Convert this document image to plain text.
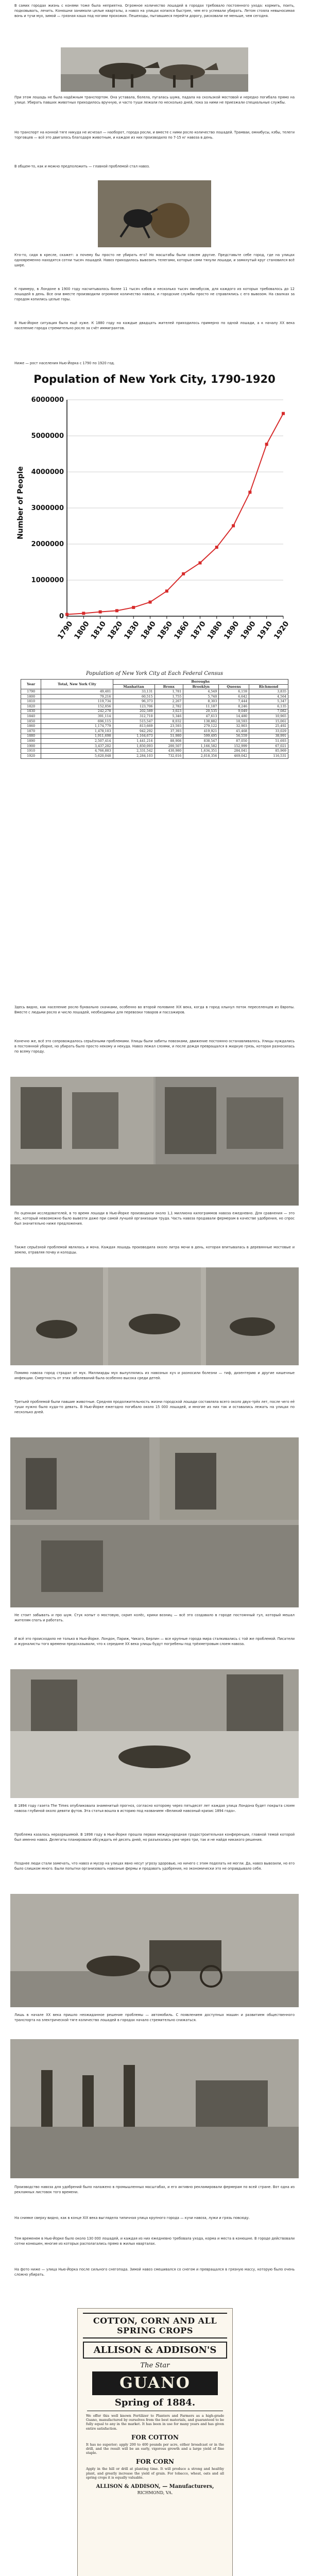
В самих городах жизнь с конями тоже была неприятна. Огромное количество лошадей в городах требовало постоянного ухода: кормить, поить, подковывать, лечить. Конюшни занимали целые кварталы, а навоз на улицах копился быстрее, чем его успевали убирать. Летом стояла невыносимая вонь и тучи мух, зимой — грязная каша под ногами прохожих. Пешеходы, пытавшиеся перейти дорогу, рисковали не меньше, чем сегодня.
При этом лошадь не была надёжным транспортом. Она уставала, болела, пугалась шума, падала на скользкой мостовой и нередко погибала прямо на улице. Убирать павших животных приходилось вручную, и часто туши лежали по несколько дней, пока за ними не приезжали специальные службы.
Но транспорт на конной тяге никуда не исчезал — наоборот, города росли, и вместе с ними росло количество лошадей. Трамваи, омнибусы, кэбы, телеги торговцев — всё это двигалось благодаря животным, и каждое из них производило по 7-15 кг навоза в день.
В общем-то, как и можно предположить — главной проблемой стал навоз.
Кто-то, сидя в кресле, скажет: а почему бы просто не убирать его? Но масштабы были совсем другие. Представьте себе город, где на улицах одновременно находятся сотни тысяч лошадей. Навоз приходилось вывозить телегами, которые сами тянули лошади, и замкнутый круг становился всё шире.
К примеру, в Лондоне в 1900 году насчитывалось более 11 тысяч кэбов и несколько тысяч омнибусов, для каждого из которых требовалось до 12 лошадей в день. Все они вместе производили огромное количество навоза, и городские службы просто не справлялись с его вывозом. На свалках за городом копились целые горы.
В Нью-Йорке ситуация была ещё хуже. К 1880 году на каждые двадцать жителей приходилось примерно по одной лошади, а к началу XX века население города стремительно росло за счёт иммигрантов.
Ниже — рост населения Нью-Йорка с 1790 по 1920 год.
Population of New York City, 1790-1920
Number of People
0
1000000
2000000
3000000
4000000
5000000
6000000
1790
1800
1810
1820
1830
1840
1850
1860
1870
1880
1890
1900
1910
1920
Population of New York City at Each Federal Census
Year	Total, New York City	Boroughs				
		Manhattan	Bronx	Brooklyn	Queens	Richmond
1790	49,401	33,131	1,781	4,549	6,159	3,835
1800	79,216	60,515	1,755	5,740	6,642	4,564
1810	119,734	96,373	2,267	8,303	7,444	5,347
1820	152,056	123,706	2,782	11,187	8,246	6,135
1830	242,278	202,589	3,023	20,535	9,049	7,082
1840	391,114	312,710	5,346	47,613	14,480	10,965
1850	696,115	515,547	8,032	138,882	18,593	15,061
1860	1,174,779	813,669	23,593	279,122	32,903	25,492
1870	1,478,103	942,292	37,393	419,921	45,468	33,029
1880	1,911,698	1,164,673	51,980	599,495	56,559	38,991
1890	2,507,414	1,441,216	88,908	838,547	87,050	51,693
1900	3,437,202	1,850,093	200,507	1,166,582	152,999	67,021
1910	4,766,883	2,331,542	430,980	1,634,351	284,041	85,969
1920	5,620,048	2,284,103	732,016	2,018,356	469,042	116,531
Здесь видно, как население росло буквально скачками, особенно во второй половине XIX века, когда в город хлынул поток переселенцев из Европы. Вместе с людьми росло и число лошадей, необходимых для перевозки товаров и пассажиров.
Конечно же, всё это сопровождалось серьёзными проблемами. Улицы были забиты повозками, движение постоянно останавливалось. Улицы нуждались в постоянной уборке, но убирать было просто некому и некуда. Навоз лежал слоями, и после дождя превращался в жидкую грязь, которая разносилась по всему городу.
По оценкам исследователей, в то время лошади в Нью-Йорке производили около 1,1 миллиона килограммов навоза ежедневно. Для сравнения — это вес, который невозможно было вывезти даже при самой лучшей организации труда. Часть навоза продавали фермерам в качестве удобрения, но спрос был значительно ниже предложения.
Также серьёзной проблемой являлась и моча. Каждая лошадь производила около литра мочи в день, которая впитывалась в деревянные мостовые и землю, отравляя почву и колодцы.
Помимо навоза город страдал от мух. Миллиарды мух вылуплялись из навозных куч и разносили болезни — тиф, дизентерию и другие кишечные инфекции. Смертность от этих заболеваний была особенно высока среди детей.
Третьей проблемой были павшие животные. Средняя продолжительность жизни городской лошади составляла всего около двух-трёх лет, после чего её туши нужно было куда-то девать. В Нью-Йорке ежегодно погибало около 15 000 лошадей, и многие из них так и оставались лежать на улицах по несколько дней.
Не стоит забывать и про шум. Стук копыт о мостовую, скрип колёс, крики возниц — всё это создавало в городе постоянный гул, который мешал жителям спать и работать.
И всё это происходило не только в Нью-Йорке. Лондон, Париж, Чикаго, Берлин — все крупные города мира сталкивались с той же проблемой. Писатели и журналисты того времени предсказывали, что к середине XX века улицы будут погребены под трёхметровым слоем навоза.
В 1894 году газета The Times опубликовала знаменитый прогноз, согласно которому через пятьдесят лет каждая улица Лондона будет покрыта слоем навоза глубиной около девяти футов. Эта статья вошла в историю под названием «Великий навозный кризис 1894 года».
Проблема казалась неразрешимой. В 1898 году в Нью-Йорке прошла первая международная градостроительная конференция, главной темой которой был именно навоз. Делегаты планировали обсуждать её десять дней, но разъехались уже через три, так и не найдя никакого решения.
Позднее люди стали замечать, что навоз и мусор на улицах явно несут угрозу здоровью, но ничего с этим поделать не могли. Да, навоз вывозили, но его было слишком много. Были попытки организовать навозные фермы и продавать удобрения, но экономически это не оправдывало себя.
Лишь в начале XX века пришло неожиданное решение проблемы — автомобиль. С появлением доступных машин и развитием общественного транспорта на электрической тяге количество лошадей в городах начало стремительно снижаться.
Производство навоза для удобрений было налажено в промышленных масштабах, и его активно рекламировали фермерам по всей стране. Вот одна из рекламных листовок того времени.
На снимке сверху видно, как в конце XIX века выглядела типичная улица крупного города — кучи навоза, лужи и грязь повсюду.
Тем временем в Нью-Йорке было около 130 000 лошадей, и каждая из них ежедневно требовала ухода, корма и места в конюшне. В городе действовали сотни конюшен, многие из которых располагались прямо в жилых кварталах.
На фото ниже — улица Нью-Йорка после сильного снегопада. Зимой навоз смешивался со снегом и превращался в грязную массу, которую было очень сложно убирать.
COTTON, CORN AND ALL SPRING CROPS
ALLISON & ADDISON'S
The Star
GUANO
Spring of 1884.
We offer this well known Fertilizer to Planters and Farmers as a high-grade Guano, manufactured by ourselves from the best materials, and guaranteed to be fully equal to any in the market. It has been in use for many years and has given entire satisfaction.
FOR COTTON
It has no superior; apply 200 to 400 pounds per acre, either broadcast or in the drill, and the result will be an early, vigorous growth and a large yield of fine staple.
FOR CORN
Apply in the hill or drill at planting time. It will produce a strong and healthy plant, and greatly increase the yield of grain. For tobacco, wheat, oats and all spring crops it is equally valuable.
ALLISON & ADDISON, — Manufacturers,
RICHMOND, VA.
